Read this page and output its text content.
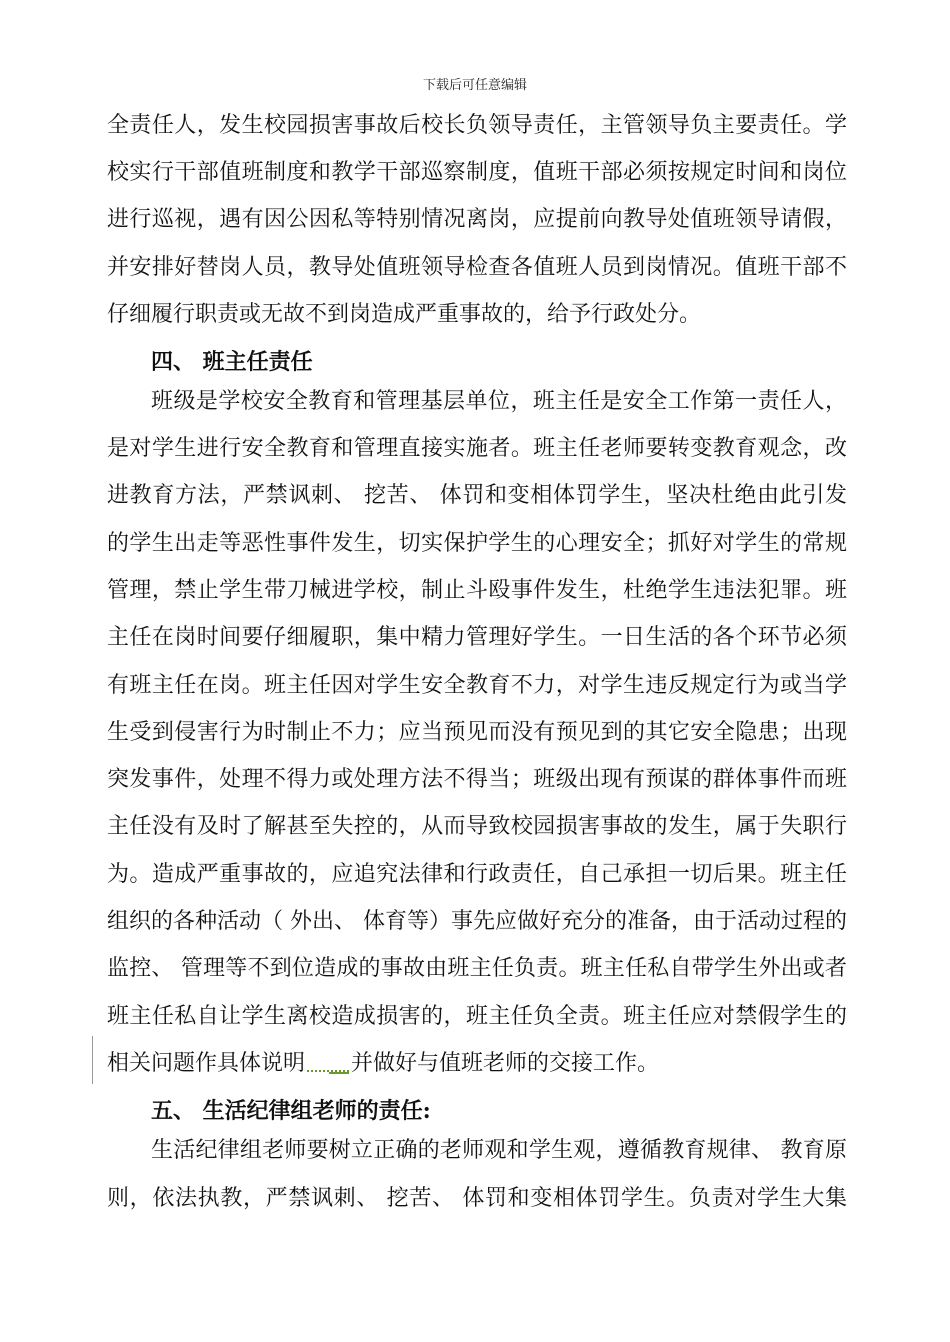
下载后可任意编辑
全责任人，发生校园损害事故后校长负领导责任，主管领导负主要责任。学
校实行干部值班制度和教学干部巡察制度，值班干部必须按规定时间和岗位
进行巡视，遇有因公因私等特别情况离岗，应提前向教导处值班领导请假，
并安排好替岗人员，教导处值班领导检查各值班人员到岗情况。值班干部不
仔细履行职责或无故不到岗造成严重事故的，给予行政处分。
四、 班主任责任
班级是学校安全教育和管理基层单位，班主任是安全工作第一责任人，
是对学生进行安全教育和管理直接实施者。班主任老师要转变教育观念，改
进教育方法，严禁讽刺、 挖苦、 体罚和变相体罚学生，坚决杜绝由此引发
的学生出走等恶性事件发生，切实保护学生的心理安全；抓好对学生的常规
管理，禁止学生带刀械进学校，制止斗殴事件发生，杜绝学生违法犯罪。班
主任在岗时间要仔细履职，集中精力管理好学生。一日生活的各个环节必须
有班主任在岗。班主任因对学生安全教育不力，对学生违反规定行为或当学
生受到侵害行为时制止不力；应当预见而没有预见到的其它安全隐患；出现
突发事件，处理不得力或处理方法不得当；班级出现有预谋的群体事件而班
主任没有及时了解甚至失控的，从而导致校园损害事故的发生，属于失职行
为。造成严重事故的，应追究法律和行政责任，自己承担一切后果。班主任
组织的各种活动（ 外出、 体育等）事先应做好充分的准备，由于活动过程的
监控、 管理等不到位造成的事故由班主任负责。班主任私自带学生外出或者
班主任私自让学生离校造成损害的，班主任负全责。班主任应对禁假学生的
相关问题作具体说明 并做好与值班老师的交接工作。
五、 生活纪律组老师的责任:
生活纪律组老师要树立正确的老师观和学生观，遵循教育规律、 教育原
则，依法执教，严禁讽刺、 挖苦、 体罚和变相体罚学生。负责对学生大集
